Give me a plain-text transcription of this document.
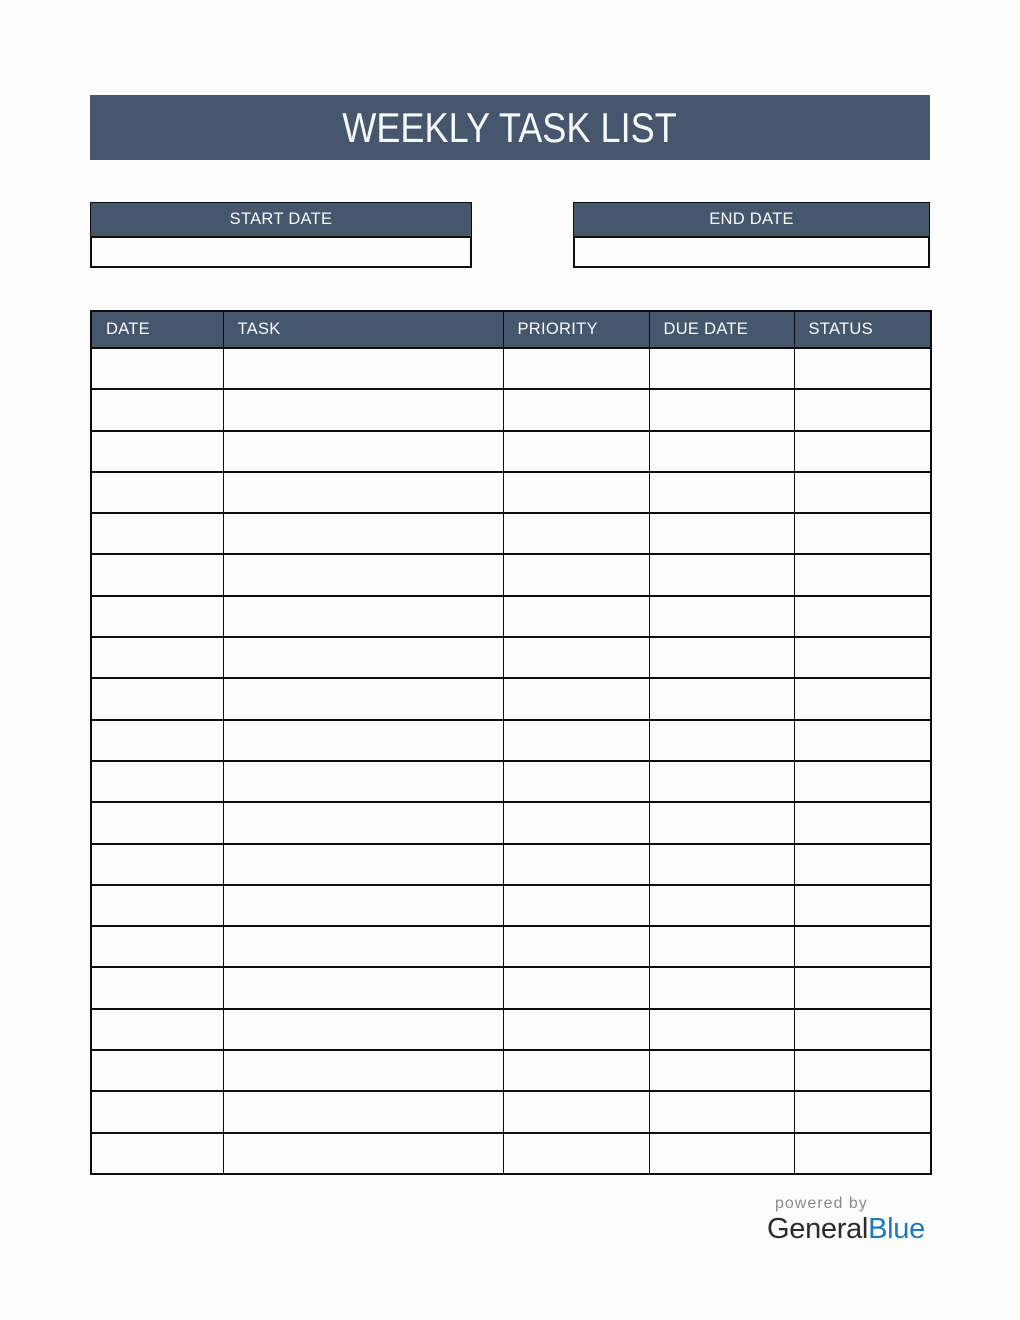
WEEKLY TASK LIST
START DATE	END DATE
DATE	TASK	PRIORITY	DUE DATE	STATUS

powered by
GeneralBlue
